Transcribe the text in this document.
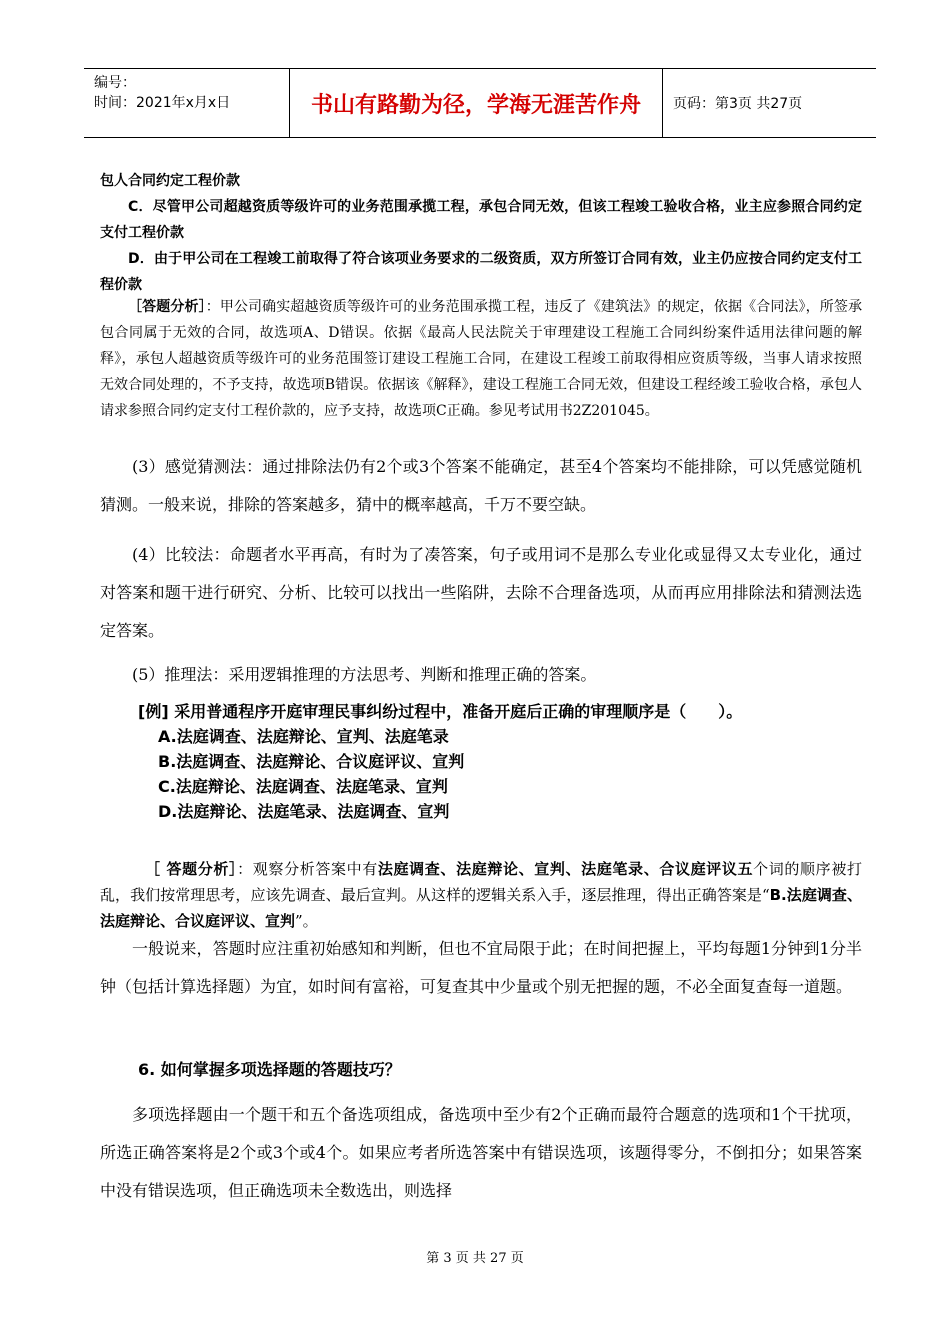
编号：
时间：2021年x月x日	书山有路勤为径，学海无涯苦作舟	页码：第3页 共27页

包人合同约定工程价款

C．尽管甲公司超越资质等级许可的业务范围承揽工程，承包合同无效，但该工程竣工验收合格，业主应参照合同约定支付工程价款

D．由于甲公司在工程竣工前取得了符合该项业务要求的二级资质，双方所签订合同有效，业主仍应按合同约定支付工程价款

［答题分析］：甲公司确实超越资质等级许可的业务范围承揽工程，违反了《建筑法》的规定，依据《合同法》，所签承包合同属于无效的合同，故选项A、D错误。依据《最高人民法院关于审理建设工程施工合同纠纷案件适用法律问题的解释》，承包人超越资质等级许可的业务范围签订建设工程施工合同，在建设工程竣工前取得相应资质等级，当事人请求按照无效合同处理的，不予支持，故选项B错误。依据该《解释》，建设工程施工合同无效，但建设工程经竣工验收合格，承包人请求参照合同约定支付工程价款的，应予支持，故选项C正确。参见考试用书2Z201045。

(3）感觉猜测法：通过排除法仍有2个或3个答案不能确定，甚至4个答案均不能排除，可以凭感觉随机猜测。一般来说，排除的答案越多，猜中的概率越高，千万不要空缺。

(4）比较法：命题者水平再高，有时为了凑答案，句子或用词不是那么专业化或显得又太专业化，通过对答案和题干进行研究、分析、比较可以找出一些陷阱，去除不合理备选项，从而再应用排除法和猜测法选定答案。

(5）推理法：采用逻辑推理的方法思考、判断和推理正确的答案。

[例] 采用普通程序开庭审理民事纠纷过程中，准备开庭后正确的审理顺序是（　　）。

A.法庭调查、法庭辩论、宣判、法庭笔录

B.法庭调查、法庭辩论、合议庭评议、宣判

C.法庭辩论、法庭调查、法庭笔录、宣判

D.法庭辩论、法庭笔录、法庭调查、宣判

［ 答题分析］：观察分析答案中有法庭调查、法庭辩论、宣判、法庭笔录、合议庭评议五个词的顺序被打乱，我们按常理思考，应该先调查、最后宣判。从这样的逻辑关系入手，逐层推理，得出正确答案是“B.法庭调查、法庭辩论、合议庭评议、宣判”。

一般说来，答题时应注重初始感知和判断，但也不宜局限于此；在时间把握上，平均每题1分钟到1分半钟（包括计算选择题）为宜，如时间有富裕，可复查其中少量或个别无把握的题，不必全面复查每一道题。

6. 如何掌握多项选择题的答题技巧？

多项选择题由一个题干和五个备选项组成，备选项中至少有2个正确而最符合题意的选项和1个干扰项，所选正确答案将是2个或3个或4个。如果应考者所选答案中有错误选项，该题得零分，不倒扣分；如果答案中没有错误选项，但正确选项未全数选出，则选择

第 3 页 共 27 页
